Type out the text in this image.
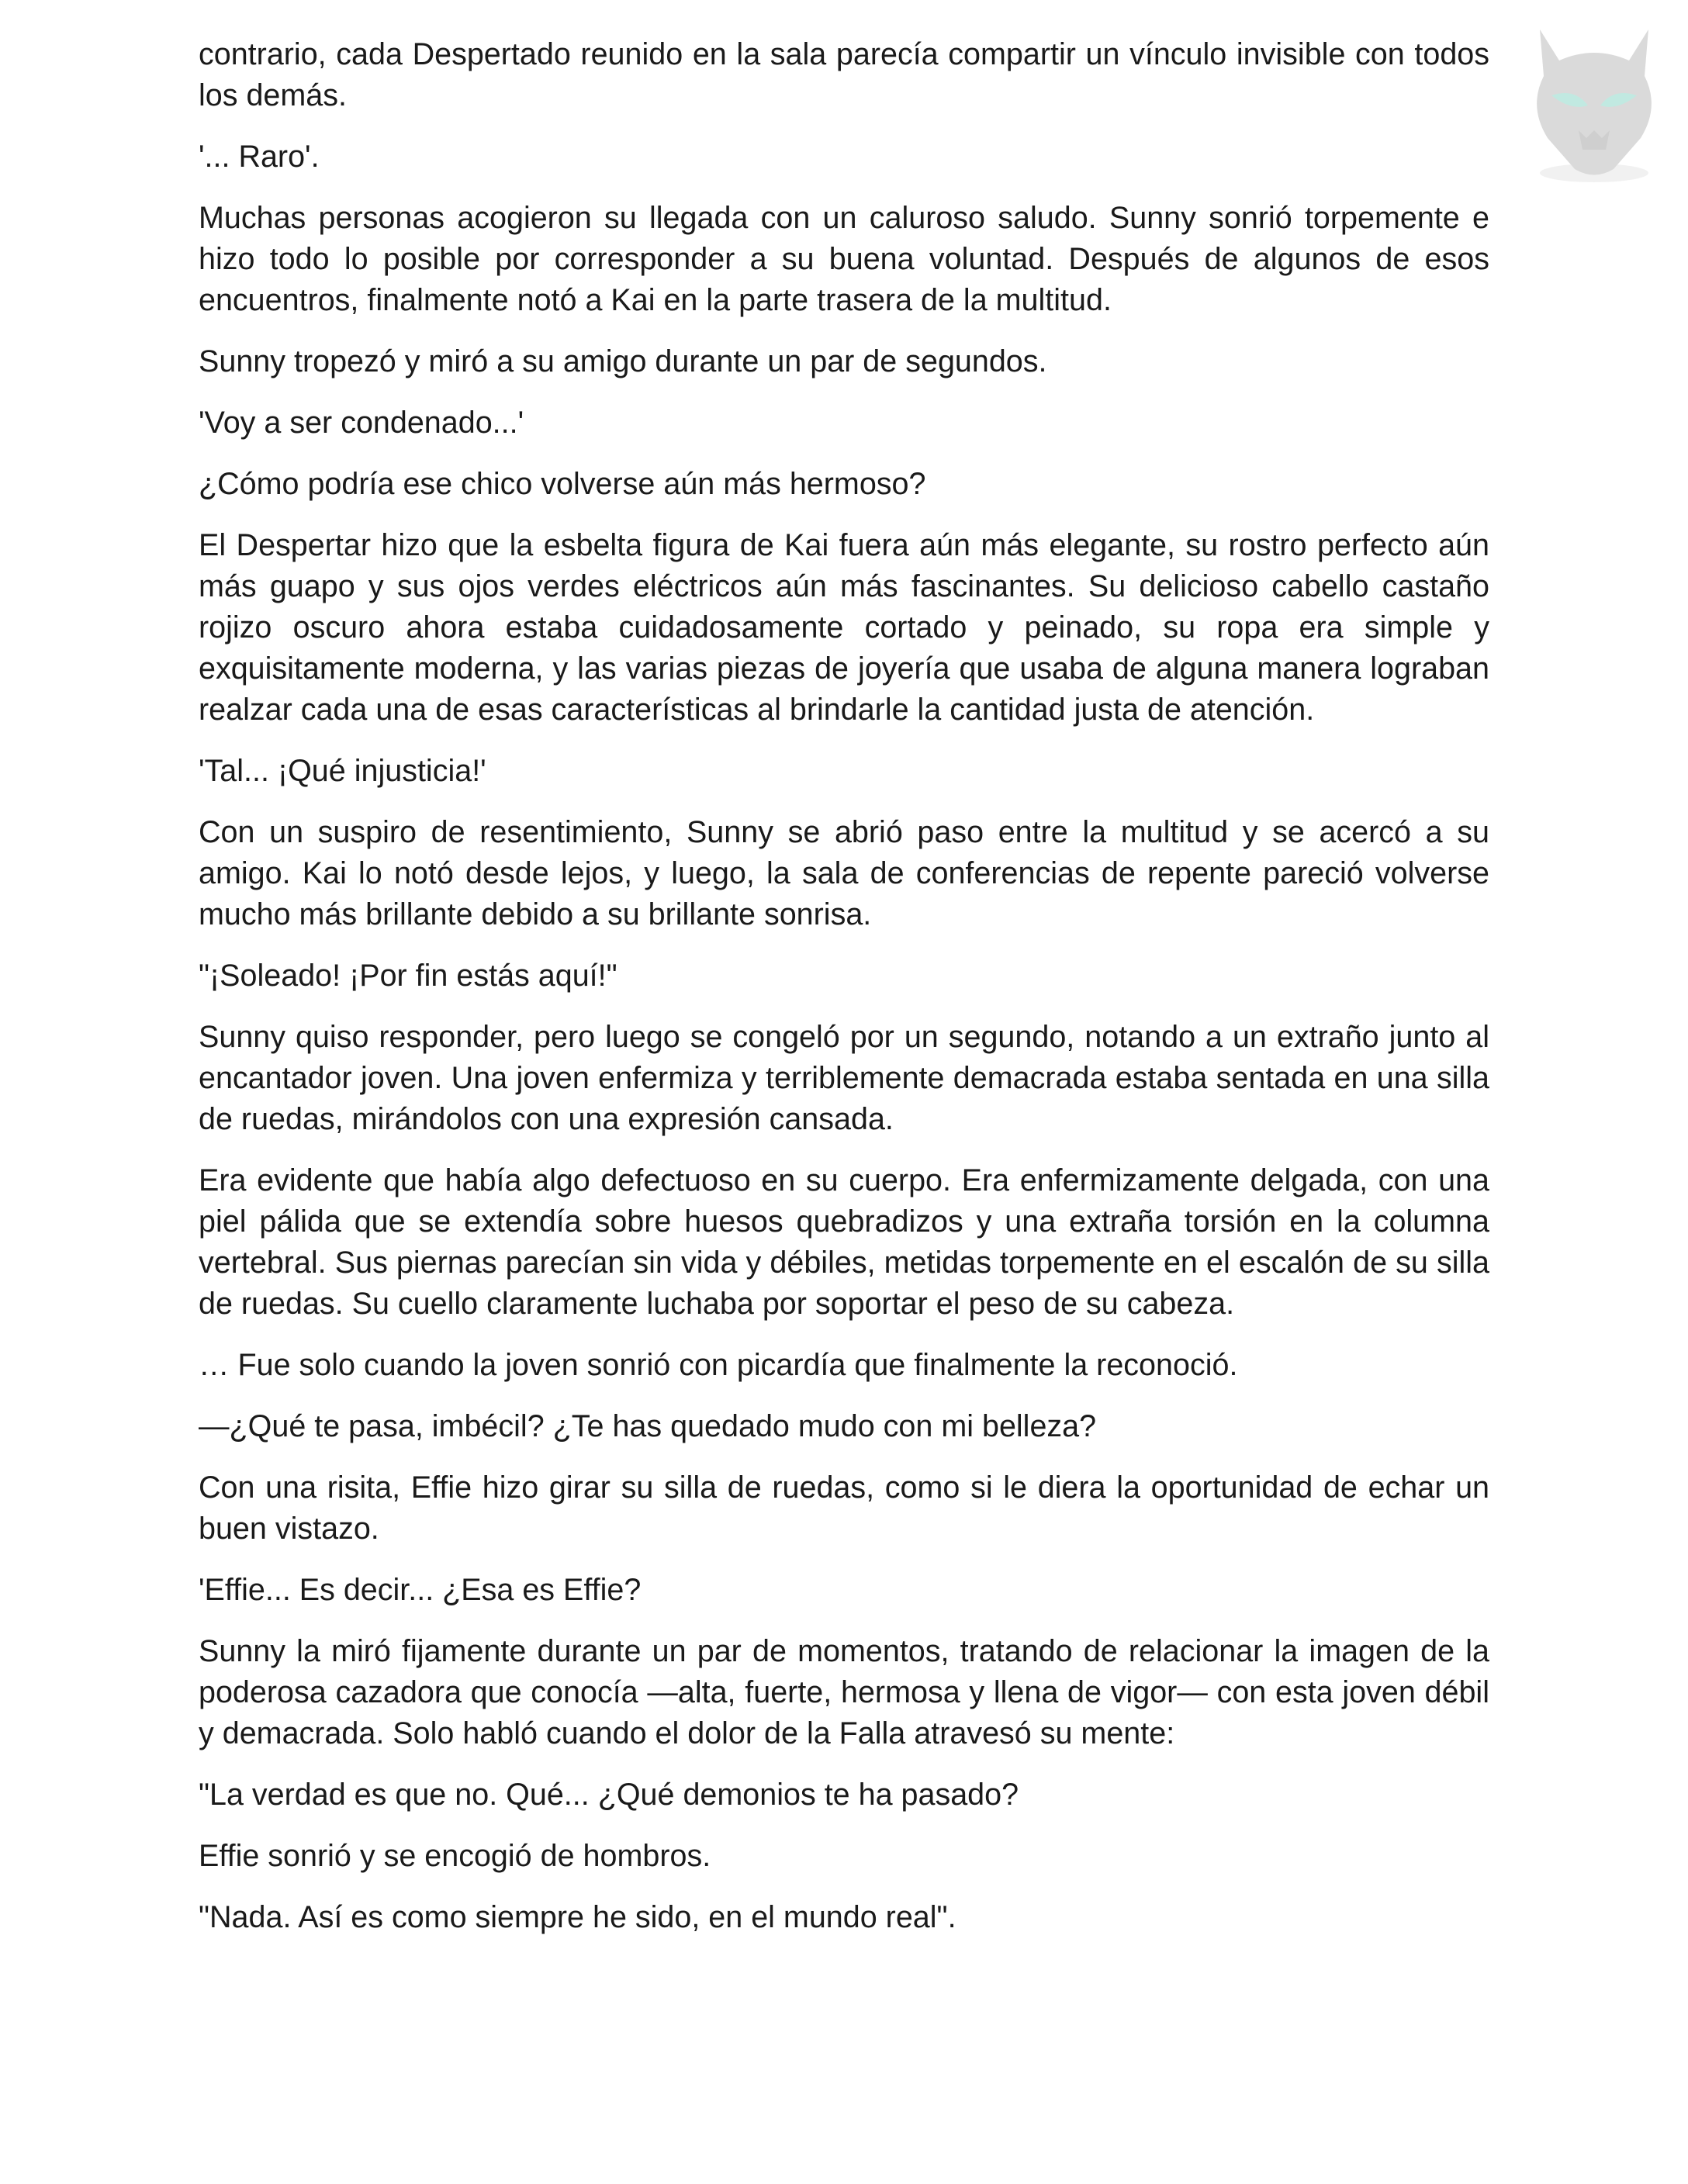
contrario, cada Despertado reunido en la sala parecía compartir un vínculo invisible con todos los demás.

'... Raro'.

Muchas personas acogieron su llegada con un caluroso saludo. Sunny sonrió torpemente e hizo todo lo posible por corresponder a su buena voluntad. Después de algunos de esos encuentros, finalmente notó a Kai en la parte trasera de la multitud.

Sunny tropezó y miró a su amigo durante un par de segundos.

'Voy a ser condenado...'

¿Cómo podría ese chico volverse aún más hermoso?

El Despertar hizo que la esbelta figura de Kai fuera aún más elegante, su rostro perfecto aún más guapo y sus ojos verdes eléctricos aún más fascinantes. Su delicioso cabello castaño rojizo oscuro ahora estaba cuidadosamente cortado y peinado, su ropa era simple y exquisitamente moderna, y las varias piezas de joyería que usaba de alguna manera lograban realzar cada una de esas características al brindarle la cantidad justa de atención.

'Tal... ¡Qué injusticia!'

Con un suspiro de resentimiento, Sunny se abrió paso entre la multitud y se acercó a su amigo. Kai lo notó desde lejos, y luego, la sala de conferencias de repente pareció volverse mucho más brillante debido a su brillante sonrisa.

"¡Soleado! ¡Por fin estás aquí!"

Sunny quiso responder, pero luego se congeló por un segundo, notando a un extraño junto al encantador joven. Una joven enfermiza y terriblemente demacrada estaba sentada en una silla de ruedas, mirándolos con una expresión cansada.

Era evidente que había algo defectuoso en su cuerpo. Era enfermizamente delgada, con una piel pálida que se extendía sobre huesos quebradizos y una extraña torsión en la columna vertebral. Sus piernas parecían sin vida y débiles, metidas torpemente en el escalón de su silla de ruedas. Su cuello claramente luchaba por soportar el peso de su cabeza.

… Fue solo cuando la joven sonrió con picardía que finalmente la reconoció.

—¿Qué te pasa, imbécil? ¿Te has quedado mudo con mi belleza?

Con una risita, Effie hizo girar su silla de ruedas, como si le diera la oportunidad de echar un buen vistazo.

'Effie... Es decir... ¿Esa es Effie?

Sunny la miró fijamente durante un par de momentos, tratando de relacionar la imagen de la poderosa cazadora que conocía —alta, fuerte, hermosa y llena de vigor— con esta joven débil y demacrada. Solo habló cuando el dolor de la Falla atravesó su mente:

"La verdad es que no. Qué... ¿Qué demonios te ha pasado?

Effie sonrió y se encogió de hombros.

"Nada. Así es como siempre he sido, en el mundo real".
